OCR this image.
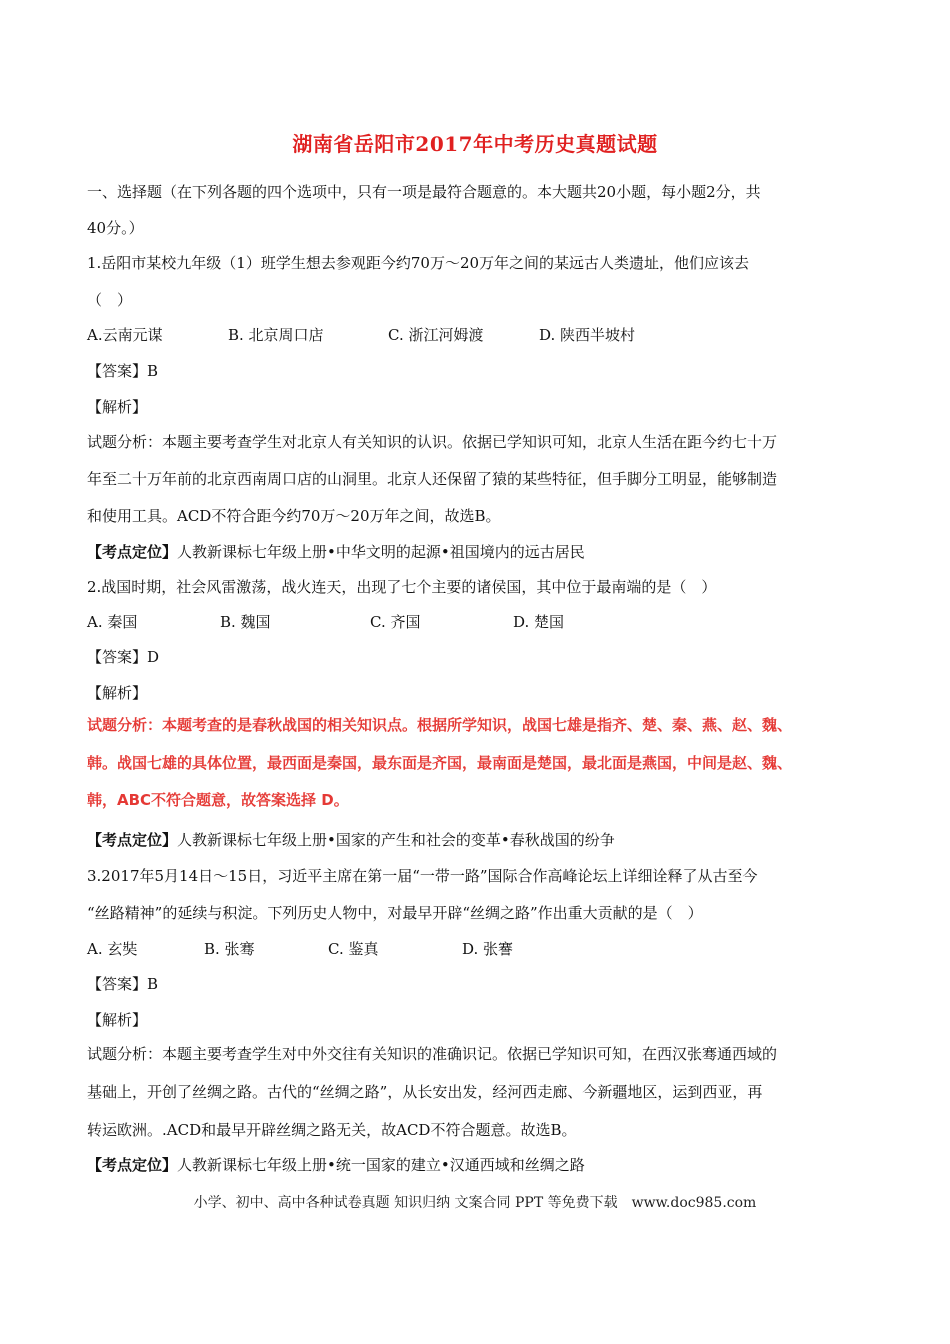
湖南省岳阳市2017年中考历史真题试题
一、选择题（在下列各题的四个选项中，只有一项是最符合题意的。本大题共20小题，每小题2分，共
40分。）
1.岳阳市某校九年级（1）班学生想去参观距今约70万～20万年之间的某远古人类遗址，他们应该去
（　）
A.云南元谋	B. 北京周口店	C. 浙江河姆渡	D. 陕西半坡村
【答案】B
【解析】
试题分析：本题主要考查学生对北京人有关知识的认识。依据已学知识可知，北京人生活在距今约七十万
年至二十万年前的北京西南周口店的山洞里。北京人还保留了猿的某些特征，但手脚分工明显，能够制造
和使用工具。ACD不符合距今约70万～20万年之间，故选B。
【考点定位】人教新课标七年级上册•中华文明的起源•祖国境内的远古居民
2.战国时期，社会风雷激荡，战火连天，出现了七个主要的诸侯国，其中位于最南端的是（　）
A. 秦国	B. 魏国	C. 齐国	D. 楚国
【答案】D
【解析】
试题分析：本题考查的是春秋战国的相关知识点。根据所学知识，战国七雄是指齐、楚、秦、燕、赵、魏、
韩。战国七雄的具体位置，最西面是秦国，最东面是齐国，最南面是楚国，最北面是燕国，中间是赵、魏、
韩，ABC不符合题意，故答案选择 D。
【考点定位】人教新课标七年级上册•国家的产生和社会的变革•春秋战国的纷争
3.2017年5月14日～15日，习近平主席在第一届“一带一路”国际合作高峰论坛上详细诠释了从古至今
“丝路精神”的延续与积淀。下列历史人物中，对最早开辟“丝绸之路”作出重大贡献的是（　）
A. 玄奘	B. 张骞	C. 鉴真	D. 张謇
【答案】B
【解析】
试题分析：本题主要考查学生对中外交往有关知识的准确识记。依据已学知识可知，在西汉张骞通西域的
基础上，开创了丝绸之路。古代的“丝绸之路”，从长安出发，经河西走廊、今新疆地区，运到西亚，再
转运欧洲。.ACD和最早开辟丝绸之路无关，故ACD不符合题意。故选B。
【考点定位】人教新课标七年级上册•统一国家的建立•汉通西域和丝绸之路
小学、初中、高中各种试卷真题 知识归纳 文案合同 PPT 等免费下载　www.doc985.com
